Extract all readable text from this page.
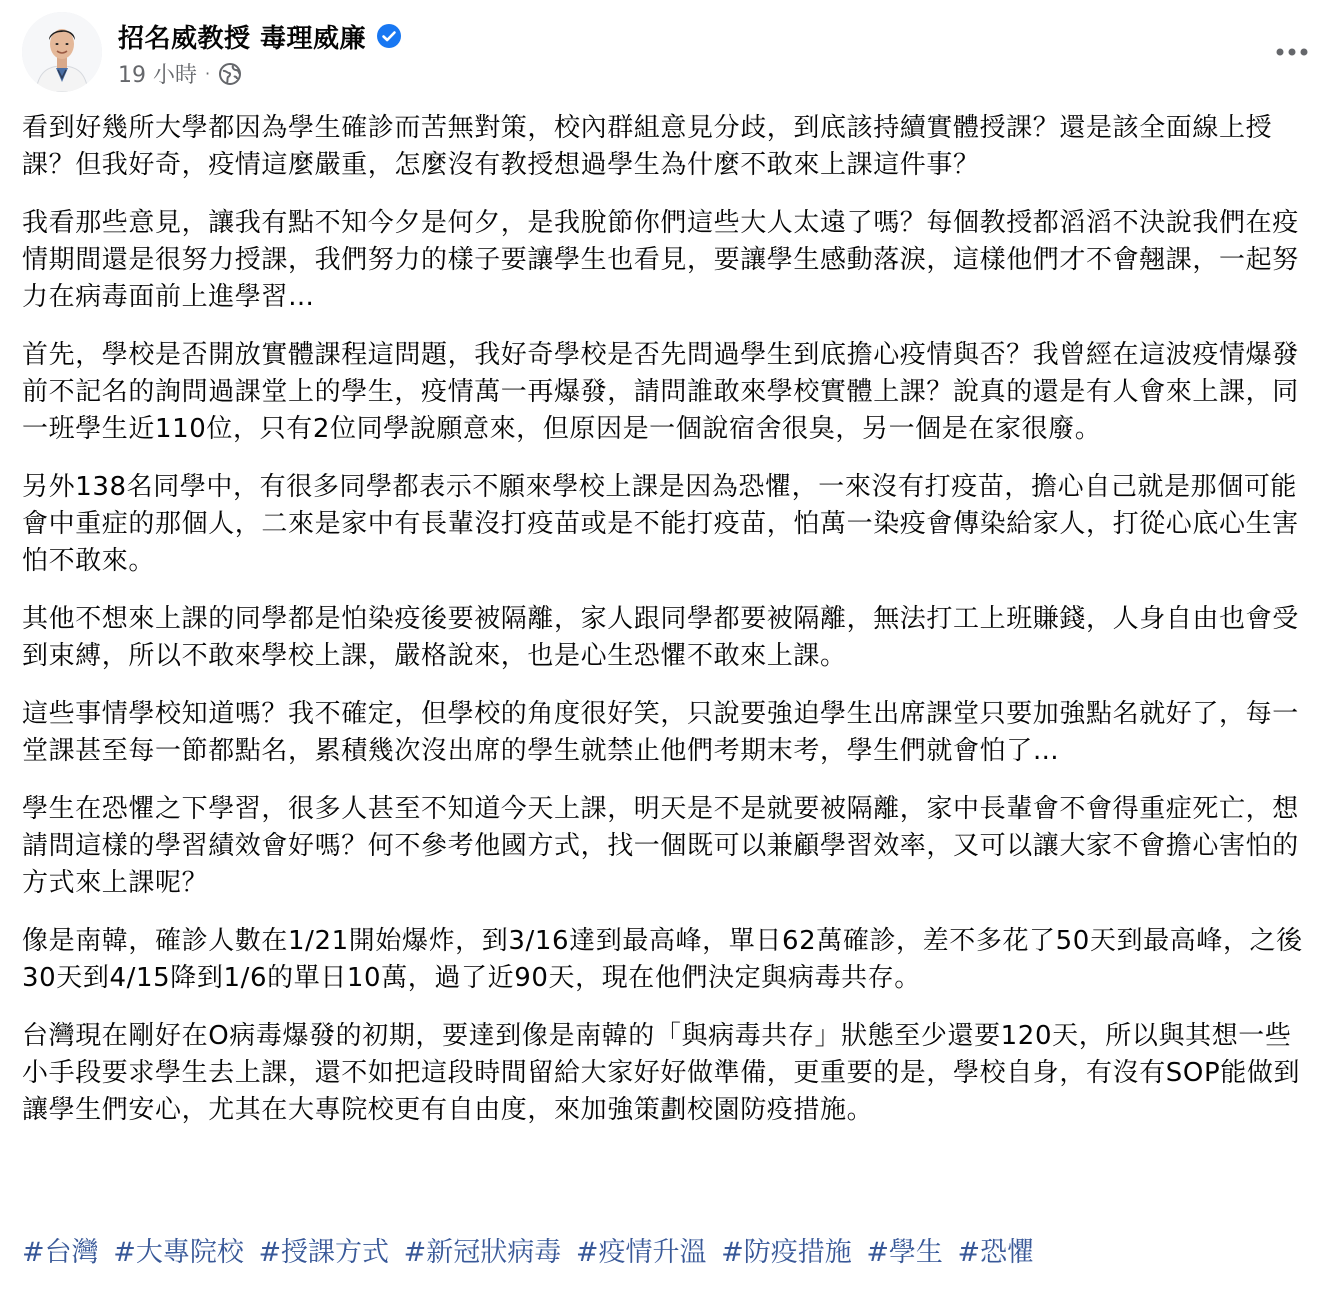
招名威教授 毒理威廉
19 小時 ·

看到好幾所大學都因為學生確診而苦無對策，校內群組意見分歧，到底該持續實體授課？還是該全面線上授課？但我好奇，疫情這麼嚴重，怎麼沒有教授想過學生為什麼不敢來上課這件事？

我看那些意見，讓我有點不知今夕是何夕，是我脫節你們這些大人太遠了嗎？每個教授都滔滔不決說我們在疫情期間還是很努力授課，我們努力的樣子要讓學生也看見，要讓學生感動落淚，這樣他們才不會翹課，一起努力在病毒面前上進學習…

首先，學校是否開放實體課程這問題，我好奇學校是否先問過學生到底擔心疫情與否？我曾經在這波疫情爆發前不記名的詢問過課堂上的學生，疫情萬一再爆發，請問誰敢來學校實體上課？說真的還是有人會來上課，同一班學生近110位，只有2位同學說願意來，但原因是一個說宿舍很臭，另一個是在家很廢。

另外138名同學中，有很多同學都表示不願來學校上課是因為恐懼，一來沒有打疫苗，擔心自己就是那個可能會中重症的那個人，二來是家中有長輩沒打疫苗或是不能打疫苗，怕萬一染疫會傳染給家人，打從心底心生害怕不敢來。

其他不想來上課的同學都是怕染疫後要被隔離，家人跟同學都要被隔離，無法打工上班賺錢，人身自由也會受到束縛，所以不敢來學校上課，嚴格說來，也是心生恐懼不敢來上課。

這些事情學校知道嗎？我不確定，但學校的角度很好笑，只說要強迫學生出席課堂只要加強點名就好了，每一堂課甚至每一節都點名，累積幾次沒出席的學生就禁止他們考期末考，學生們就會怕了…

學生在恐懼之下學習，很多人甚至不知道今天上課，明天是不是就要被隔離，家中長輩會不會得重症死亡，想請問這樣的學習績效會好嗎？何不參考他國方式，找一個既可以兼顧學習效率，又可以讓大家不會擔心害怕的方式來上課呢？

像是南韓，確診人數在1/21開始爆炸，到3/16達到最高峰，單日62萬確診，差不多花了50天到最高峰，之後30天到4/15降到1/6的單日10萬，過了近90天，現在他們決定與病毒共存。

台灣現在剛好在O病毒爆發的初期，要達到像是南韓的「與病毒共存」狀態至少還要120天，所以與其想一些小手段要求學生去上課，還不如把這段時間留給大家好好做準備，更重要的是，學校自身，有沒有SOP能做到讓學生們安心，尤其在大專院校更有自由度，來加強策劃校園防疫措施。

#台灣 #大專院校 #授課方式 #新冠狀病毒 #疫情升溫 #防疫措施 #學生 #恐懼
